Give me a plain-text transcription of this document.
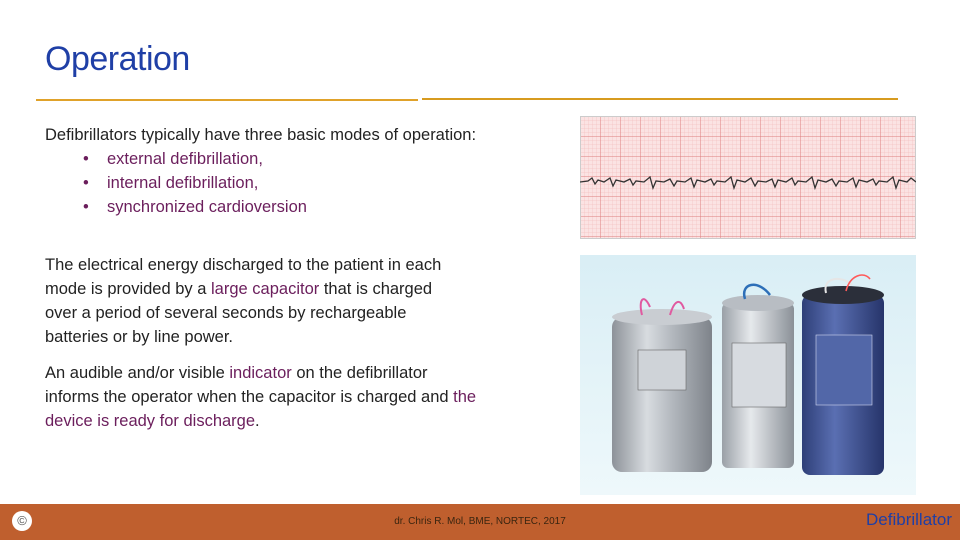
Operation
Defibrillators typically have three basic modes of operation:
• external defibrillation,
• internal defibrillation,
• synchronized cardioversion
The electrical energy discharged to the patient in each mode is provided by a large capacitor that is charged over a period of several seconds by rechargeable batteries or by line power.
An audible and/or visible indicator on the defibrillator informs the operator when the capacitor is charged and the device is ready for discharge.
©	dr. Chris R. Mol, BME, NORTEC, 2017	Defibrillator
